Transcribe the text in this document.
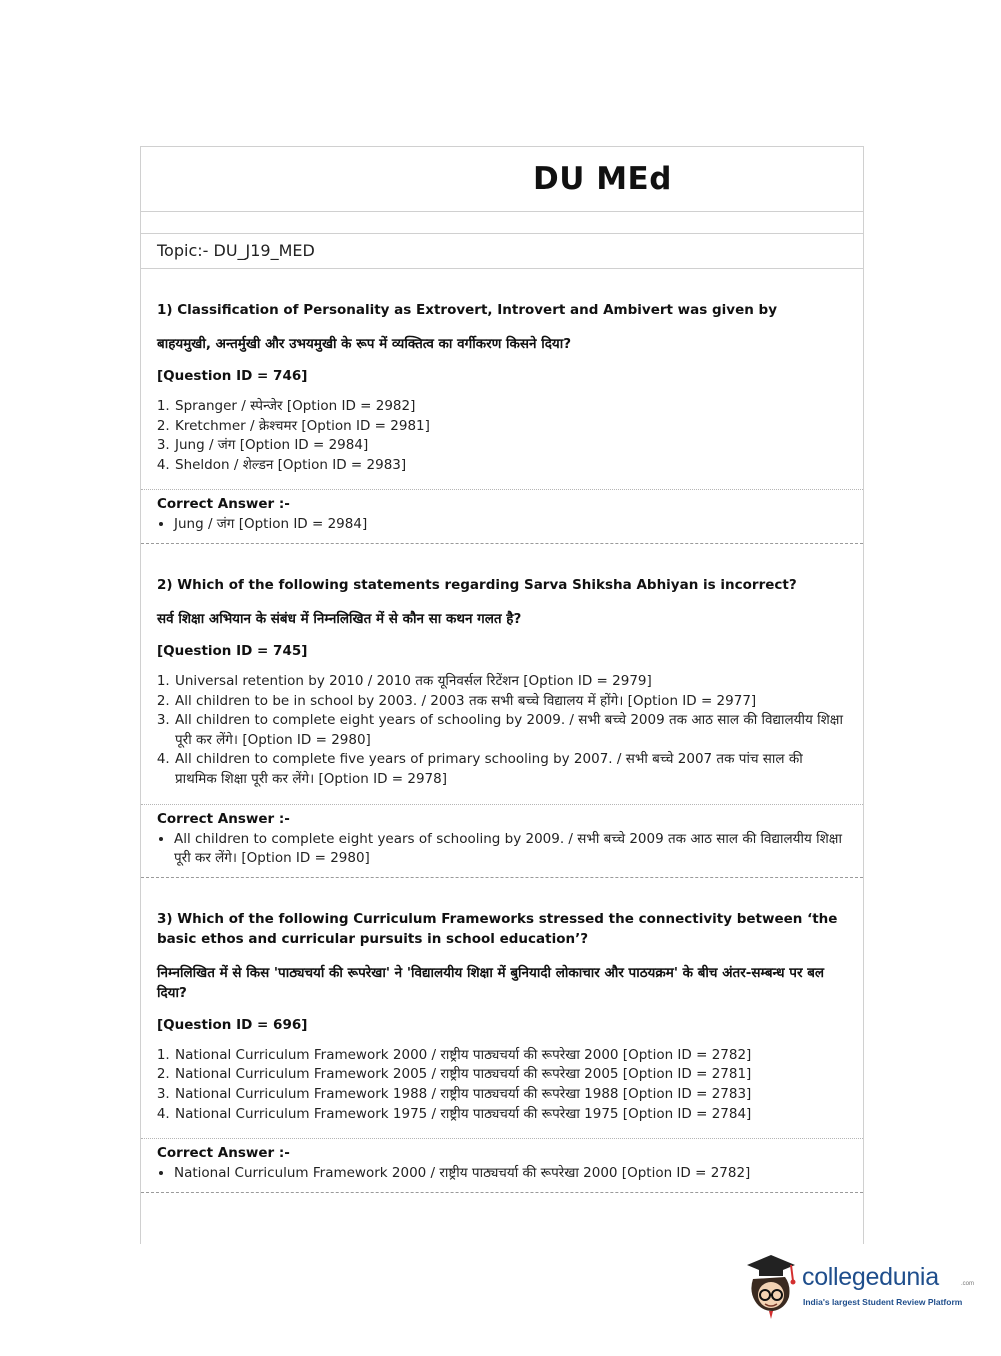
DU MEd
Topic:- DU_J19_MED

1) Classification of Personality as Extrovert, Introvert and Ambivert was given by

बाहयमुखी, अन्तर्मुखी और उभयमुखी के रूप में व्यक्तित्व का वर्गीकरण किसने दिया?

[Question ID = 746]

1. Spranger / स्पेन्जेर [Option ID = 2982]
2. Kretchmer / क्रेश्चमर [Option ID = 2981]
3. Jung / जंग [Option ID = 2984]
4. Sheldon / शेल्डन [Option ID = 2983]

Correct Answer :-

• Jung / जंग [Option ID = 2984]

2) Which of the following statements regarding Sarva Shiksha Abhiyan is incorrect?

सर्व शिक्षा अभियान के संबंध में निम्नलिखित में से कौन सा कथन गलत है?

[Question ID = 745]

1. Universal retention by 2010 / 2010 तक यूनिवर्सल रिटेंशन [Option ID = 2979]
2. All children to be in school by 2003. / 2003 तक सभी बच्चे विद्यालय में होंगे। [Option ID = 2977]
3. All children to complete eight years of schooling by 2009. / सभी बच्चे 2009 तक आठ साल की विद्यालयीय शिक्षा पूरी कर लेंगे। [Option ID = 2980]
4. All children to complete five years of primary schooling by 2007. / सभी बच्चे 2007 तक पांच साल की प्राथमिक शिक्षा पूरी कर लेंगे। [Option ID = 2978]

Correct Answer :-

• All children to complete eight years of schooling by 2009. / सभी बच्चे 2009 तक आठ साल की विद्यालयीय शिक्षा पूरी कर लेंगे। [Option ID = 2980]

3) Which of the following Curriculum Frameworks stressed the connectivity between ‘the basic ethos and curricular pursuits in school education’?

निम्नलिखित में से किस 'पाठ्यचर्या की रूपरेखा' ने 'विद्यालयीय शिक्षा में बुनियादी लोकाचार और पाठयक्रम' के बीच अंतर-सम्बन्ध पर बल दिया?

[Question ID = 696]

1. National Curriculum Framework 2000 / राष्ट्रीय पाठ्यचर्या की रूपरेखा 2000 [Option ID = 2782]
2. National Curriculum Framework 2005 / राष्ट्रीय पाठ्यचर्या की रूपरेखा 2005 [Option ID = 2781]
3. National Curriculum Framework 1988 / राष्ट्रीय पाठ्यचर्या की रूपरेखा 1988 [Option ID = 2783]
4. National Curriculum Framework 1975 / राष्ट्रीय पाठ्यचर्या की रूपरेखा 1975 [Option ID = 2784]

Correct Answer :-

• National Curriculum Framework 2000 / राष्ट्रीय पाठ्यचर्या की रूपरेखा 2000 [Option ID = 2782]
collegedunia	.com
India's largest Student Review Platform
